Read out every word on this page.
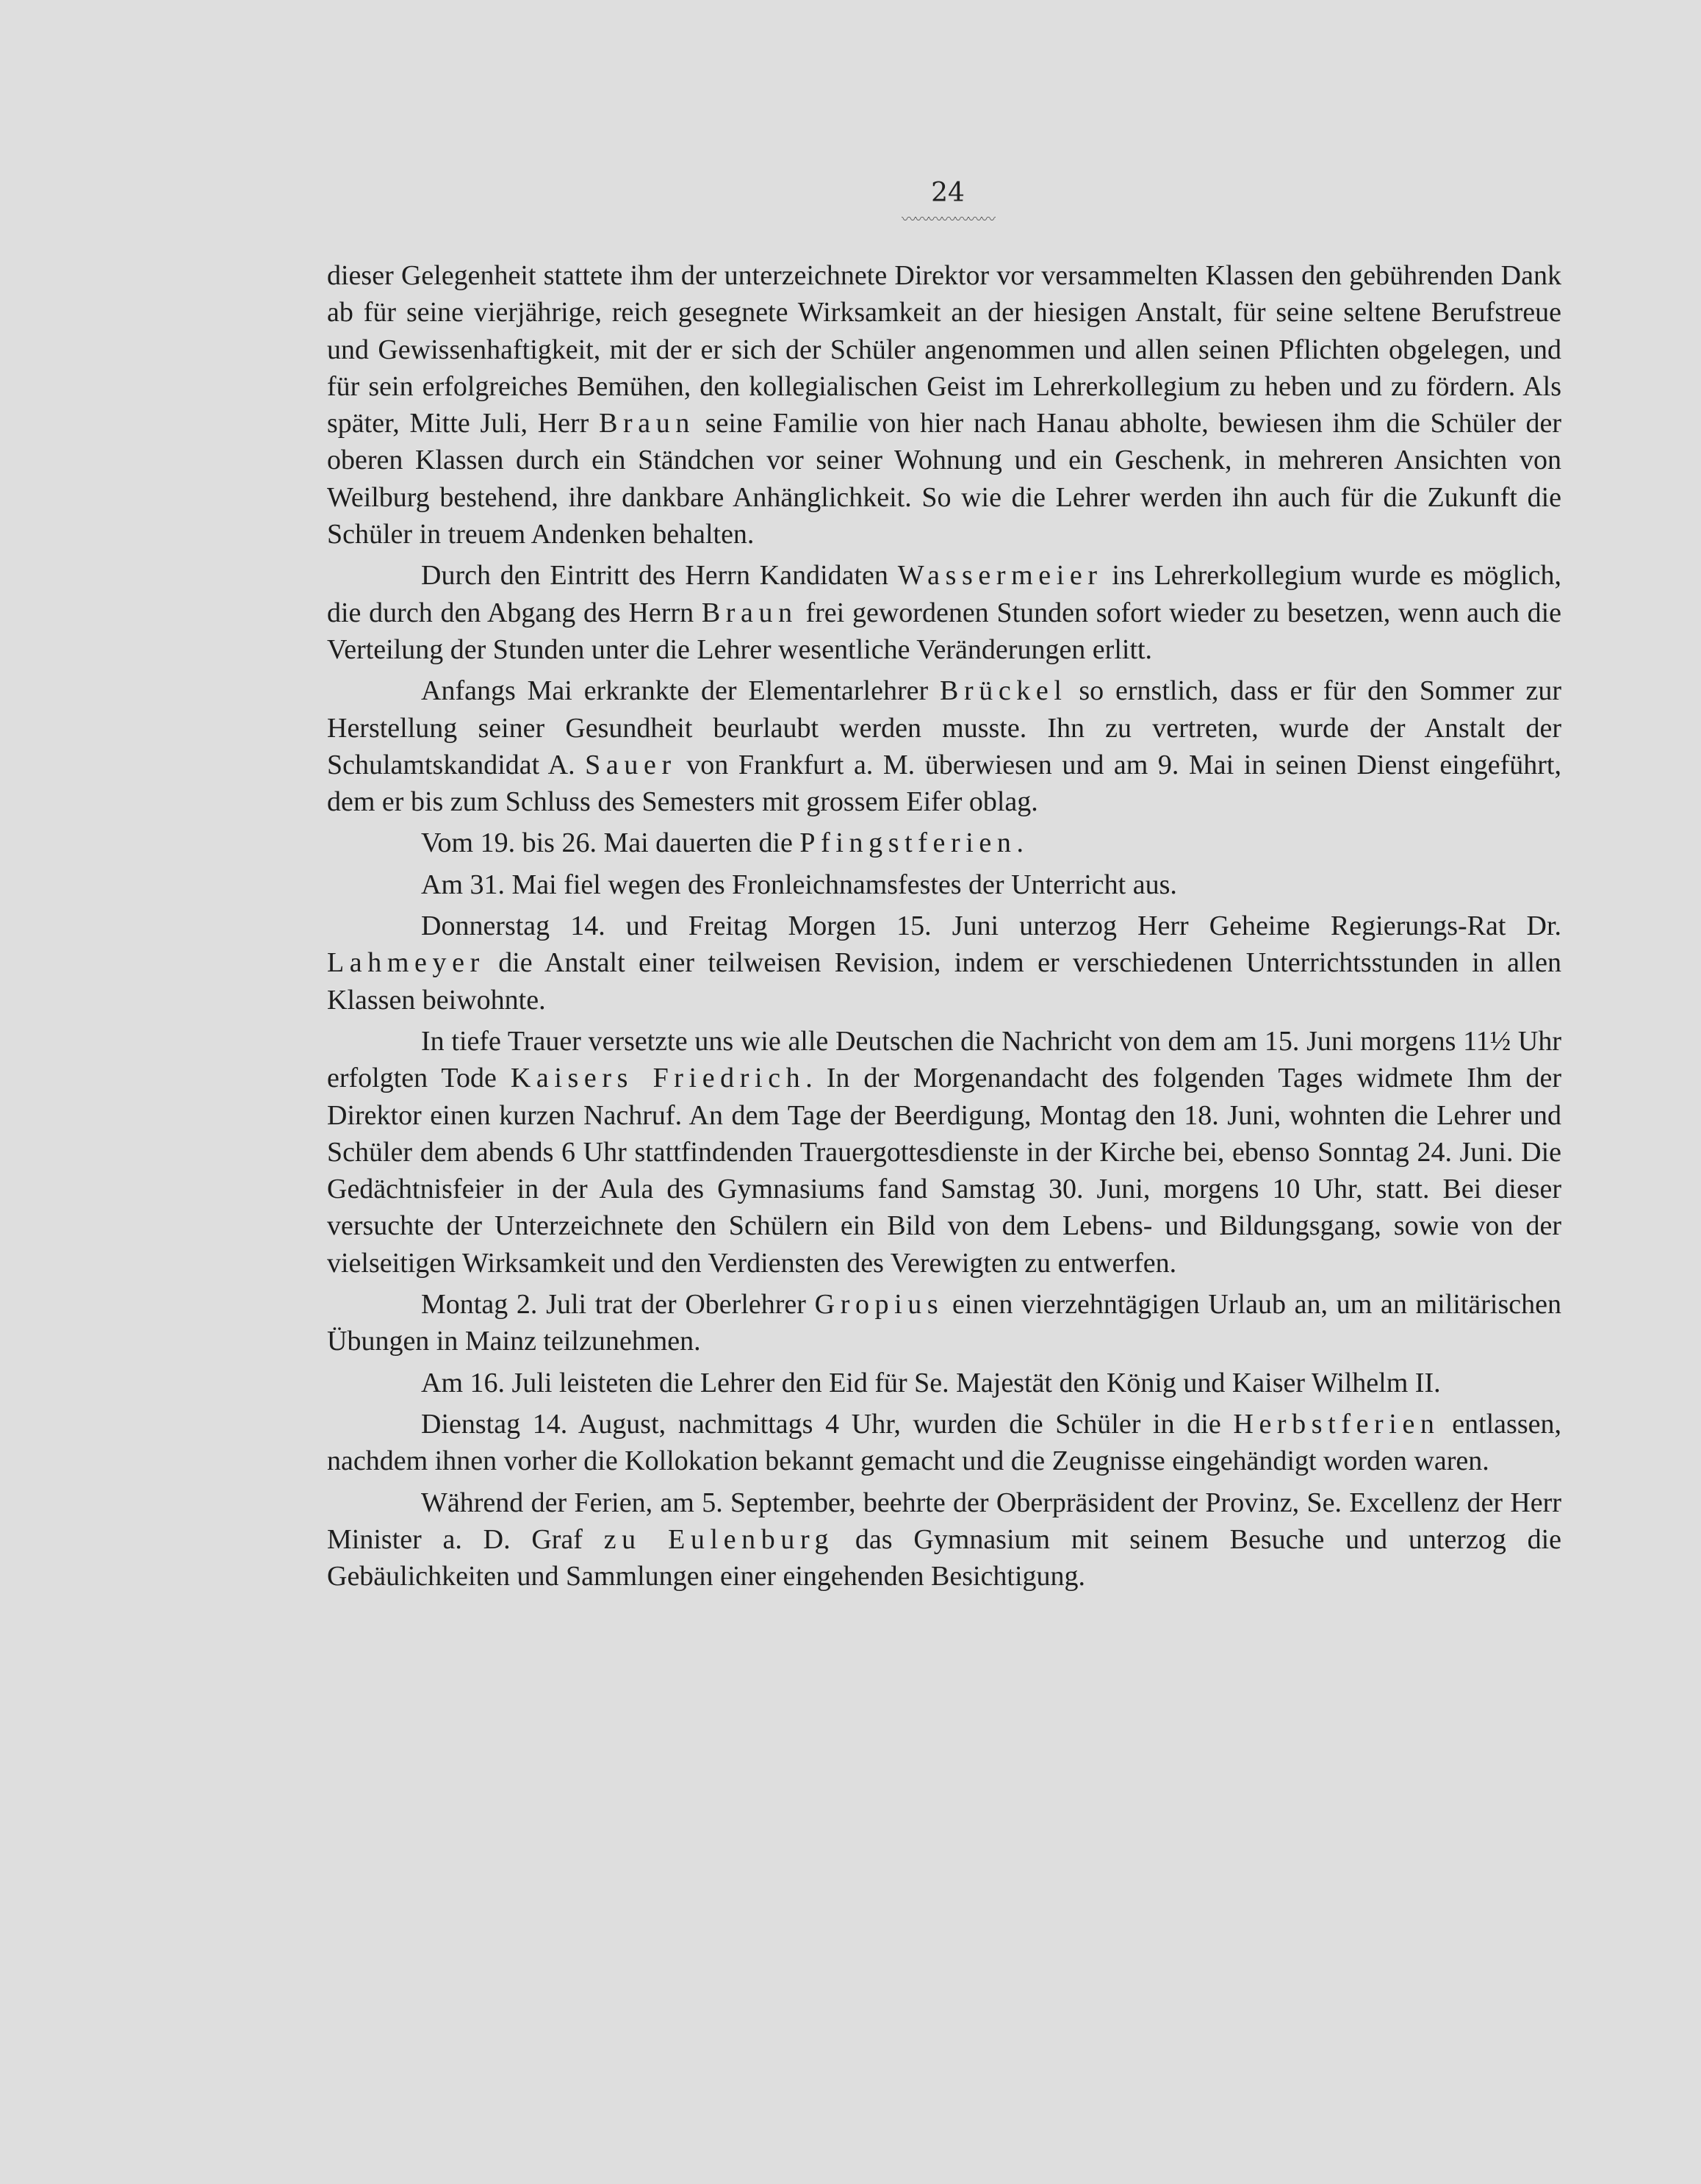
24
〰〰〰〰〰〰〰

dieser Gelegenheit stattete ihm der unterzeichnete Direktor vor versammelten Klassen den gebührenden Dank ab für seine vierjährige, reich gesegnete Wirksamkeit an der hiesigen Anstalt, für seine seltene Berufstreue und Gewissenhaftigkeit, mit der er sich der Schüler angenommen und allen seinen Pflichten obgelegen, und für sein erfolgreiches Bemühen, den kollegialischen Geist im Lehrerkollegium zu heben und zu fördern. Als später, Mitte Juli, Herr Braun seine Familie von hier nach Hanau abholte, bewiesen ihm die Schüler der oberen Klassen durch ein Ständchen vor seiner Wohnung und ein Geschenk, in mehreren Ansichten von Weilburg bestehend, ihre dankbare Anhänglichkeit. So wie die Lehrer werden ihn auch für die Zukunft die Schüler in treuem Andenken behalten.

Durch den Eintritt des Herrn Kandidaten Wassermeier ins Lehrerkollegium wurde es möglich, die durch den Abgang des Herrn Braun frei gewordenen Stunden sofort wieder zu besetzen, wenn auch die Verteilung der Stunden unter die Lehrer wesentliche Veränderungen erlitt.

Anfangs Mai erkrankte der Elementarlehrer Brückel so ernstlich, dass er für den Sommer zur Herstellung seiner Gesundheit beurlaubt werden musste. Ihn zu vertreten, wurde der Anstalt der Schulamtskandidat A. Sauer von Frankfurt a. M. überwiesen und am 9. Mai in seinen Dienst eingeführt, dem er bis zum Schluss des Semesters mit grossem Eifer oblag.

Vom 19. bis 26. Mai dauerten die Pfingstferien.

Am 31. Mai fiel wegen des Fronleichnamsfestes der Unterricht aus.

Donnerstag 14. und Freitag Morgen 15. Juni unterzog Herr Geheime Regierungs-Rat Dr. Lahmeyer die Anstalt einer teilweisen Revision, indem er verschiedenen Unterrichtsstunden in allen Klassen beiwohnte.

In tiefe Trauer versetzte uns wie alle Deutschen die Nachricht von dem am 15. Juni morgens 11½ Uhr erfolgten Tode Kaisers Friedrich. In der Morgenandacht des folgenden Tages widmete Ihm der Direktor einen kurzen Nachruf. An dem Tage der Beerdigung, Montag den 18. Juni, wohnten die Lehrer und Schüler dem abends 6 Uhr stattfindenden Trauergottesdienste in der Kirche bei, ebenso Sonntag 24. Juni. Die Gedächtnisfeier in der Aula des Gymnasiums fand Samstag 30. Juni, morgens 10 Uhr, statt. Bei dieser versuchte der Unterzeichnete den Schülern ein Bild von dem Lebens- und Bildungsgang, sowie von der vielseitigen Wirksamkeit und den Verdiensten des Verewigten zu entwerfen.

Montag 2. Juli trat der Oberlehrer Gropius einen vierzehntägigen Urlaub an, um an militärischen Übungen in Mainz teilzunehmen.

Am 16. Juli leisteten die Lehrer den Eid für Se. Majestät den König und Kaiser Wilhelm II.

Dienstag 14. August, nachmittags 4 Uhr, wurden die Schüler in die Herbstferien entlassen, nachdem ihnen vorher die Kollokation bekannt gemacht und die Zeugnisse eingehändigt worden waren.

Während der Ferien, am 5. September, beehrte der Oberpräsident der Provinz, Se. Excellenz der Herr Minister a. D. Graf zu Eulenburg das Gymnasium mit seinem Besuche und unterzog die Gebäulichkeiten und Sammlungen einer eingehenden Besichtigung.
